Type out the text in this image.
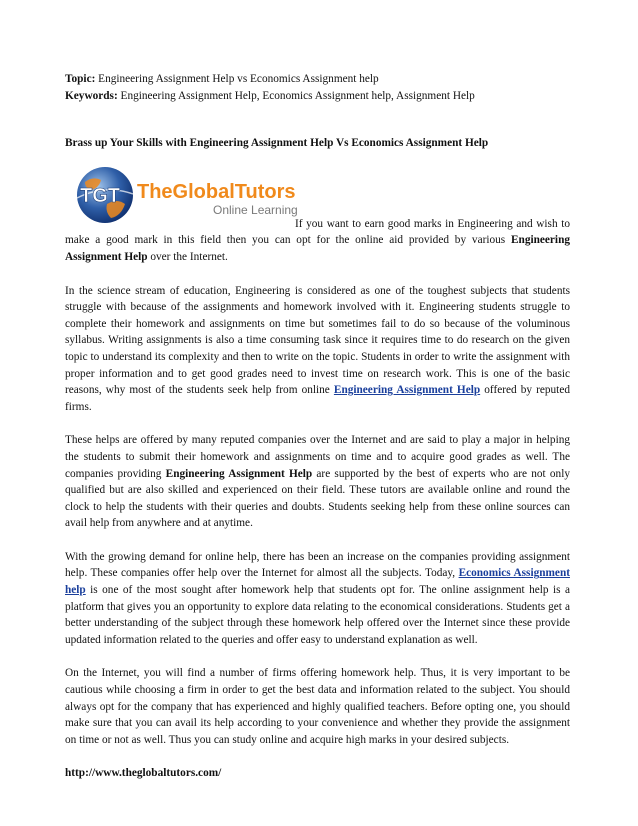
Topic: Engineering Assignment Help vs Economics Assignment help

Keywords: Engineering Assignment Help, Economics Assignment help, Assignment Help

Brass up Your Skills with Engineering Assignment Help Vs Economics Assignment Help

TGT TheGlobalTutors
Online Learning

If you want to earn good marks in Engineering and wish to make a good mark in this field then you can opt for the online aid provided by various Engineering Assignment Help over the Internet.

In the science stream of education, Engineering is considered as one of the toughest subjects that students struggle with because of the assignments and homework involved with it. Engineering students struggle to complete their homework and assignments on time but sometimes fail to do so because of the voluminous syllabus. Writing assignments is also a time consuming task since it requires time to do research on the given topic to understand its complexity and then to write on the topic. Students in order to write the assignment with proper information and to get good grades need to invest time on research work. This is one of the basic reasons, why most of the students seek help from online Engineering Assignment Help offered by reputed firms.

These helps are offered by many reputed companies over the Internet and are said to play a major in helping the students to submit their homework and assignments on time and to acquire good grades as well. The companies providing Engineering Assignment Help are supported by the best of experts who are not only qualified but are also skilled and experienced on their field. These tutors are available online and round the clock to help the students with their queries and doubts. Students seeking help from these online sources can avail help from anywhere and at anytime.

With the growing demand for online help, there has been an increase on the companies providing assignment help. These companies offer help over the Internet for almost all the subjects. Today, Economics Assignment help is one of the most sought after homework help that students opt for. The online assignment help is a platform that gives you an opportunity to explore data relating to the economical considerations. Students get a better understanding of the subject through these homework help offered over the Internet since these provide updated information related to the queries and offer easy to understand explanation as well.

On the Internet, you will find a number of firms offering homework help. Thus, it is very important to be cautious while choosing a firm in order to get the best data and information related to the subject. You should always opt for the company that has experienced and highly qualified teachers. Before opting one, you should make sure that you can avail its help according to your convenience and whether they provide the assignment on time or not as well. Thus you can study online and acquire high marks in your desired subjects.

http://www.theglobaltutors.com/
